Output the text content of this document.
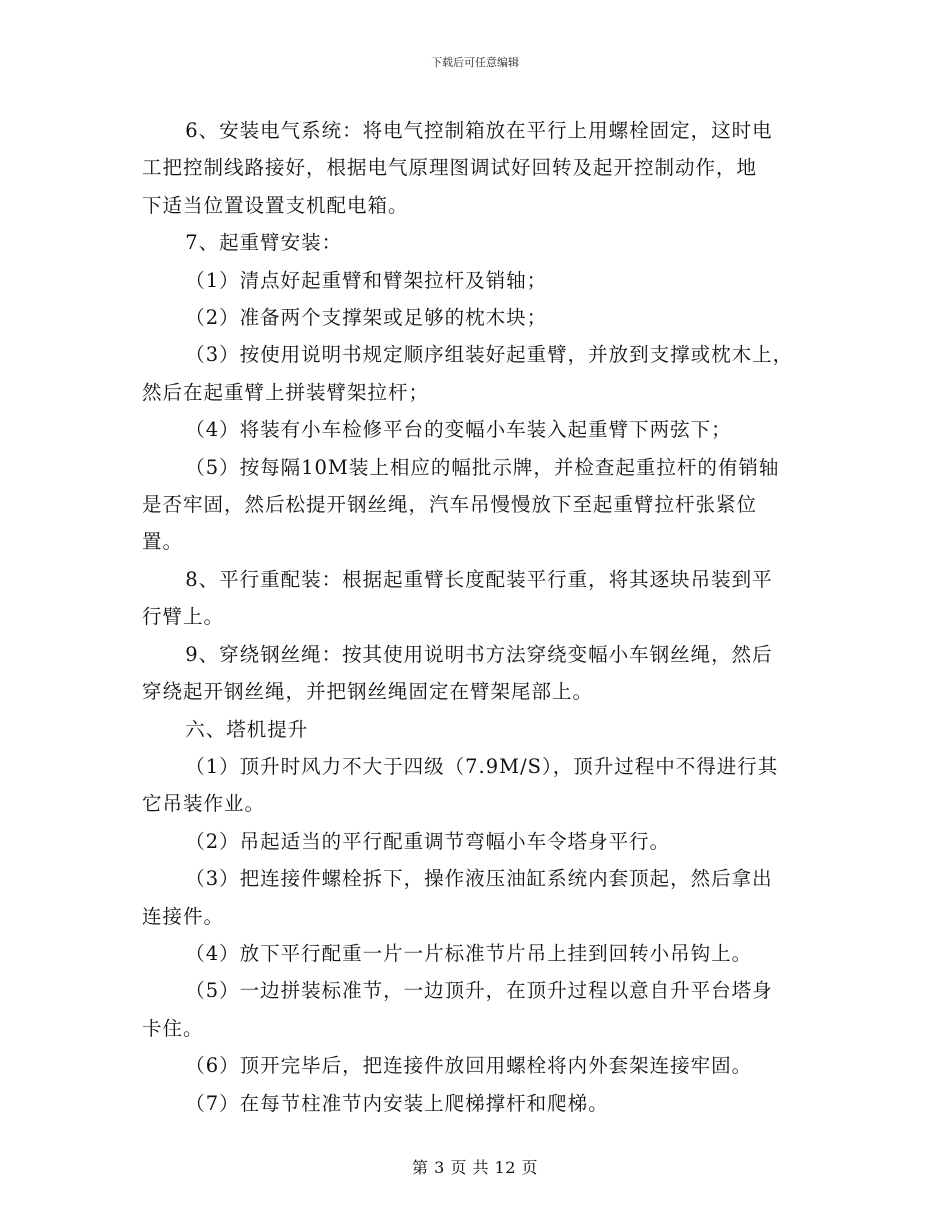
下载后可任意编辑

6、安装电气系统：将电气控制箱放在平行上用螺栓固定，这时电
工把控制线路接好，根据电气原理图调试好回转及起开控制动作，地
下适当位置设置支机配电箱。

7、起重臂安装：

（1）清点好起重臂和臂架拉杆及销轴；

（2）准备两个支撑架或足够的枕木块；

（3）按使用说明书规定顺序组装好起重臂，并放到支撑或枕木上，
然后在起重臂上拼装臂架拉杆；

（4）将装有小车检修平台的变幅小车装入起重臂下两弦下；

（5）按每隔10M装上相应的幅批示牌，并检查起重拉杆的侑销轴
是否牢固，然后松提开钢丝绳，汽车吊慢慢放下至起重臂拉杆张紧位
置。

8、平行重配装：根据起重臂长度配装平行重，将其逐块吊装到平
行臂上。

9、穿绕钢丝绳：按其使用说明书方法穿绕变幅小车钢丝绳，然后
穿绕起开钢丝绳，并把钢丝绳固定在臂架尾部上。

六、塔机提升

（1）顶升时风力不大于四级（7.9M/S），顶升过程中不得进行其
它吊装作业。

（2）吊起适当的平行配重调节弯幅小车令塔身平行。

（3）把连接件螺栓拆下，操作液压油缸系统内套顶起，然后拿出
连接件。

（4）放下平行配重一片一片标准节片吊上挂到回转小吊钩上。

（5）一边拼装标准节，一边顶升，在顶升过程以意自升平台塔身
卡住。

（6）顶开完毕后，把连接件放回用螺栓将内外套架连接牢固。

（7）在每节柱准节内安装上爬梯撑杆和爬梯。

第 3 页 共 12 页
